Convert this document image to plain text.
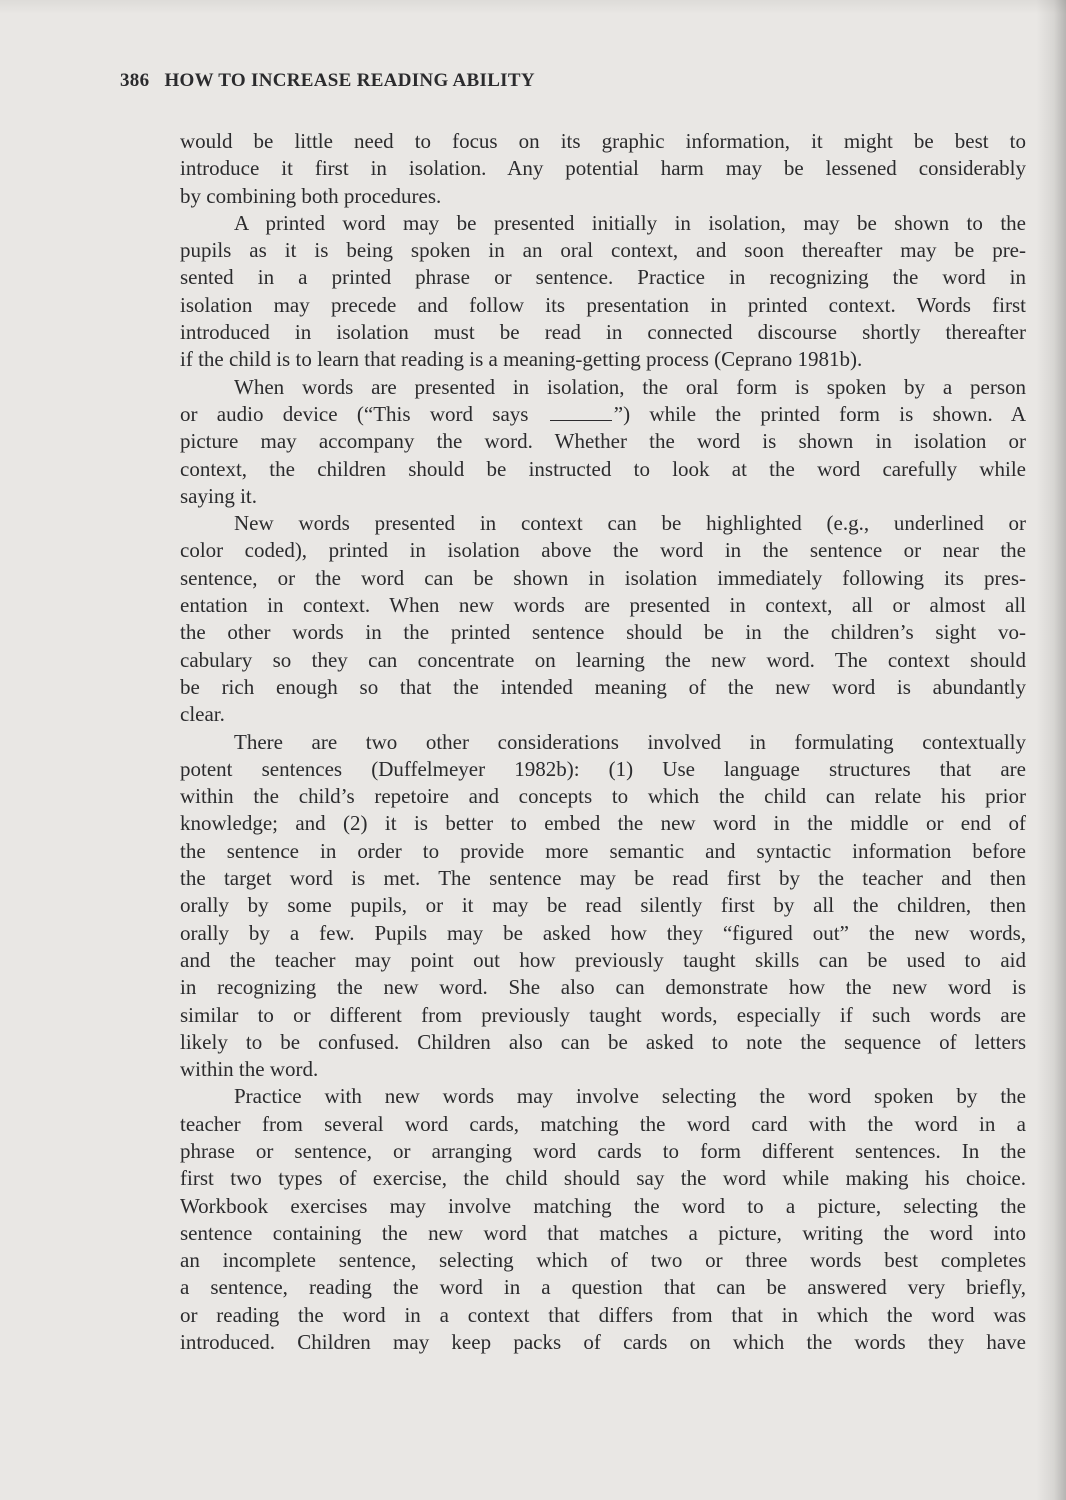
386 HOW TO INCREASE READING ABILITY
would be little need to focus on its graphic information, it might be best to
introduce it first in isolation. Any potential harm may be lessened considerably
by combining both procedures.
A printed word may be presented initially in isolation, may be shown to the
pupils as it is being spoken in an oral context, and soon thereafter may be pre-
sented in a printed phrase or sentence. Practice in recognizing the word in
isolation may precede and follow its presentation in printed context. Words first
introduced in isolation must be read in connected discourse shortly thereafter
if the child is to learn that reading is a meaning-getting process (Ceprano 1981b).
When words are presented in isolation, the oral form is spoken by a person
or audio device (“This word says	”) while the printed form is shown. A
picture may accompany the word. Whether the word is shown in isolation or
context, the children should be instructed to look at the word carefully while
saying it.
New words presented in context can be highlighted (e.g., underlined or
color coded), printed in isolation above the word in the sentence or near the
sentence, or the word can be shown in isolation immediately following its pres-
entation in context. When new words are presented in context, all or almost all
the other words in the printed sentence should be in the children’s sight vo-
cabulary so they can concentrate on learning the new word. The context should
be rich enough so that the intended meaning of the new word is abundantly
clear.
There are two other considerations involved in formulating contextually
potent sentences (Duffelmeyer 1982b): (1) Use language structures that are
within the child’s repetoire and concepts to which the child can relate his prior
knowledge; and (2) it is better to embed the new word in the middle or end of
the sentence in order to provide more semantic and syntactic information before
the target word is met. The sentence may be read first by the teacher and then
orally by some pupils, or it may be read silently first by all the children, then
orally by a few. Pupils may be asked how they “figured out” the new words,
and the teacher may point out how previously taught skills can be used to aid
in recognizing the new word. She also can demonstrate how the new word is
similar to or different from previously taught words, especially if such words are
likely to be confused. Children also can be asked to note the sequence of letters
within the word.
Practice with new words may involve selecting the word spoken by the
teacher from several word cards, matching the word card with the word in a
phrase or sentence, or arranging word cards to form different sentences. In the
first two types of exercise, the child should say the word while making his choice.
Workbook exercises may involve matching the word to a picture, selecting the
sentence containing the new word that matches a picture, writing the word into
an incomplete sentence, selecting which of two or three words best completes
a sentence, reading the word in a question that can be answered very briefly,
or reading the word in a context that differs from that in which the word was
introduced. Children may keep packs of cards on which the words they have
